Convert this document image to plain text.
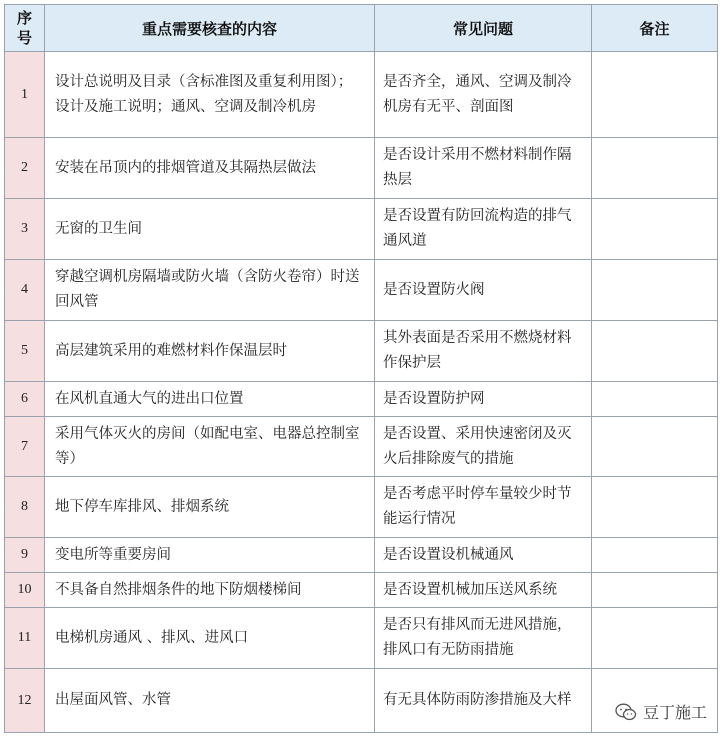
序
号	重点需要核查的内容	常见问题	备注
1	设计总说明及目录（含标准图及重复利用图）；设计及施工说明；通风、空调及制冷机房	是否齐全，通风、空调及制冷机房有无平、剖面图	
2	安装在吊顶内的排烟管道及其隔热层做法	是否设计采用不燃材料制作隔热层	
3	无窗的卫生间	是否设置有防回流构造的排气通风道	
4	穿越空调机房隔墙或防火墙（含防火卷帘）时送回风管	是否设置防火阀	
5	高层建筑采用的难燃材料作保温层时	其外表面是否采用不燃烧材料作保护层	
6	在风机直通大气的进出口位置	是否设置防护网	
7	采用气体灭火的房间（如配电室、电器总控制室等）	是否设置、采用快速密闭及灭火后排除废气的措施	
8	地下停车库排风、排烟系统	是否考虑平时停车量较少时节能运行情况	
9	变电所等重要房间	是否设置设机械通风	
10	不具备自然排烟条件的地下防烟楼梯间	是否设置机械加压送风系统	
11	电梯机房通风 、排风、进风口	是否只有排风而无进风措施，排风口有无防雨措施	
12	出屋面风管、水管	有无具体防雨防渗措施及大样	
豆丁施工
